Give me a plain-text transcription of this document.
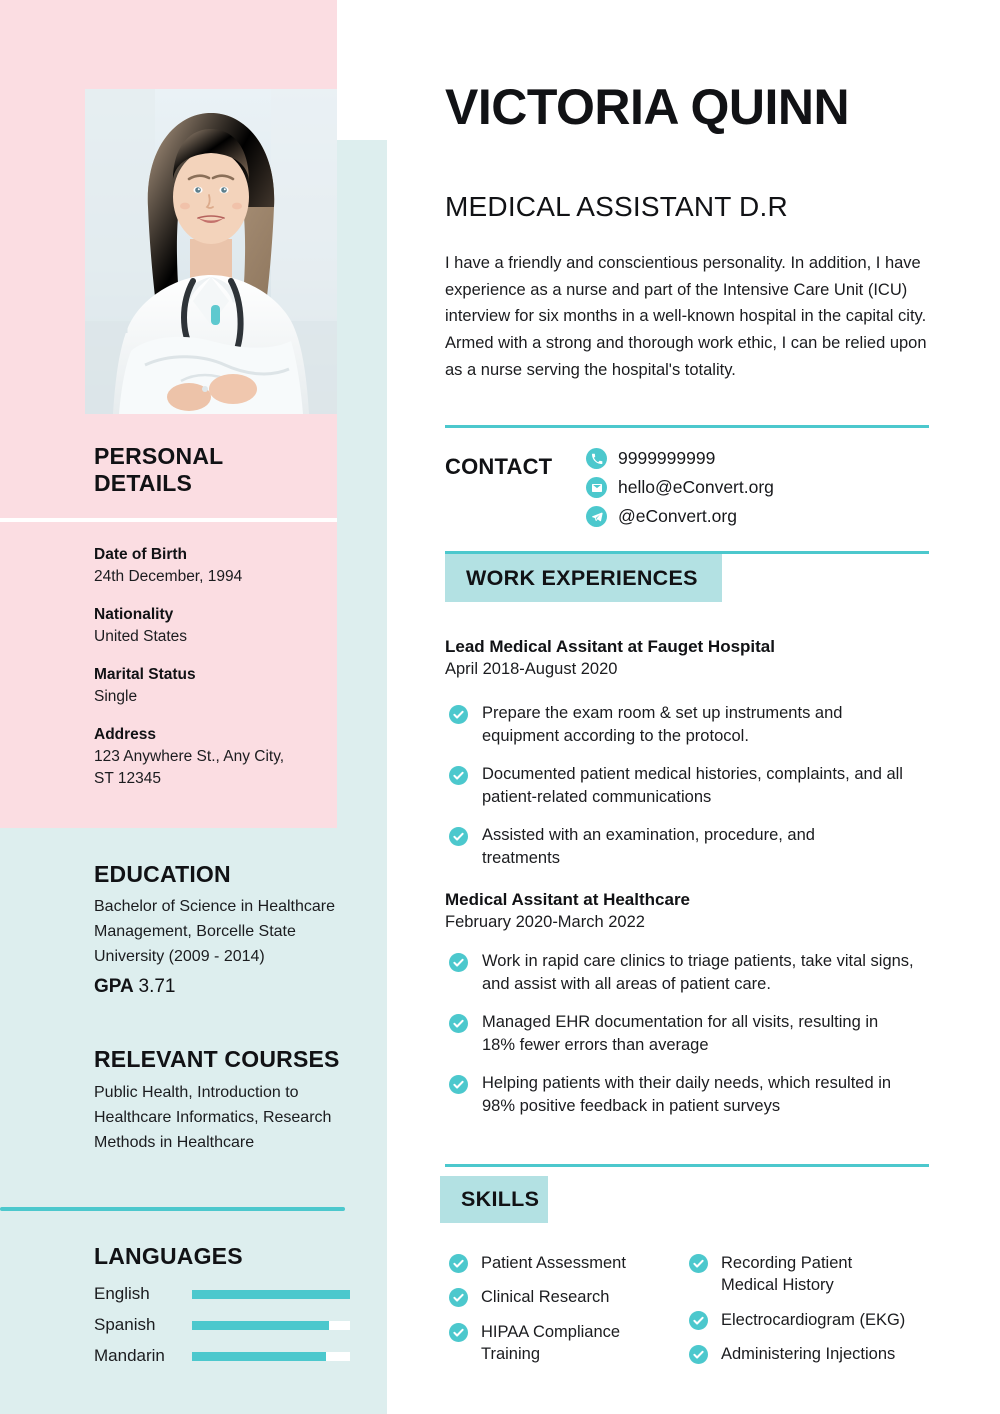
PERSONAL
DETAILS
Date of Birth
24th December, 1994
Nationality
United States
Marital Status
Single
Address
123 Anywhere St., Any City, ST 12345
EDUCATION
Bachelor of Science in Healthcare Management, Borcelle State University (2009 - 2014)
GPA 3.71
RELEVANT COURSES
Public Health, Introduction to Healthcare Informatics, Research Methods in Healthcare
LANGUAGES
English
Spanish
Mandarin
VICTORIA QUINN
MEDICAL ASSISTANT D.R
I have a friendly and conscientious personality. In addition, I have experience as a nurse and part of the Intensive Care Unit (ICU) interview for six months in a well-known hospital in the capital city. Armed with a strong and thorough work ethic, I can be relied upon as a nurse serving the hospital's totality.
CONTACT	9999999999
hello@eConvert.org
@eConvert.org
WORK EXPERIENCES
Lead Medical Assitant at Fauget Hospital
April 2018-August 2020
Prepare the exam room & set up instruments and equipment according to the protocol.
Documented patient medical histories, complaints, and all patient-related communications
Assisted with an examination, procedure, and treatments
Medical Assitant at Healthcare
February 2020-March 2022
Work in rapid care clinics to triage patients, take vital signs, and assist with all areas of patient care.
Managed EHR documentation for all visits, resulting in 18% fewer errors than average
Helping patients with their daily needs, which resulted in 98% positive feedback in patient surveys
SKILLS
Patient Assessment
Clinical Research
HIPAA Compliance Training
Recording Patient Medical History
Electrocardiogram (EKG)
Administering Injections
